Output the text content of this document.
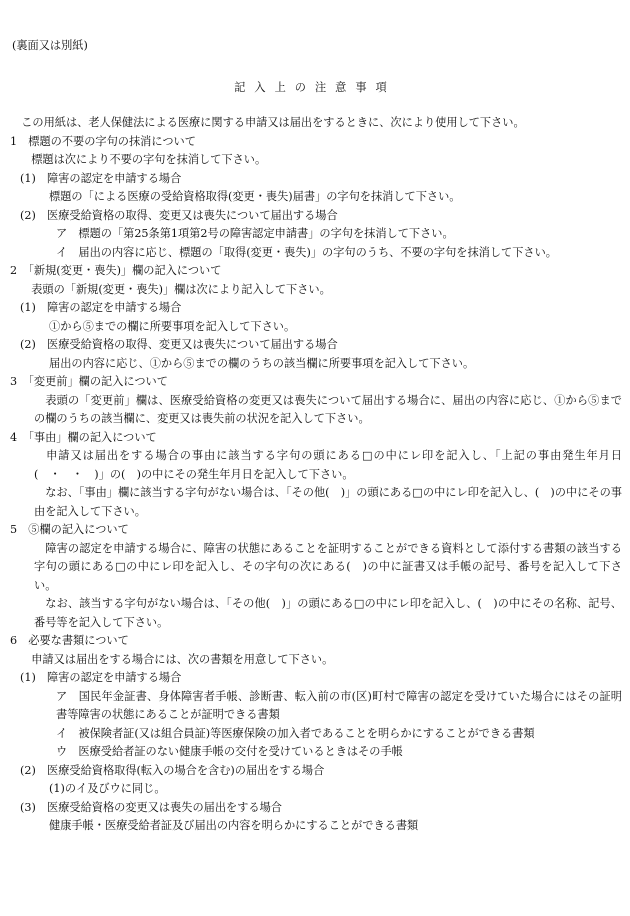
(裏面又は別紙)
記入上の注意事項

　この用紙は、老人保健法による医療に関する申請又は届出をするときに、次により使用して下さい。

1　標題の不要の字句の抹消について

　標題は次により不要の字句を抹消して下さい。

(1)　障害の認定を申請する場合

標題の「による医療の受給資格取得(変更・喪失)届書」の字句を抹消して下さい。

(2)　医療受給資格の取得、変更又は喪失について届出する場合

ア　標題の「第25条第1項第2号の障害認定申請書」の字句を抹消して下さい。

イ　届出の内容に応じ、標題の「取得(変更・喪失)」の字句のうち、不要の字句を抹消して下さい。

2　「新規(変更・喪失)」欄の記入について

　表頭の「新規(変更・喪失)」欄は次により記入して下さい。

(1)　障害の認定を申請する場合

①から⑤までの欄に所要事項を記入して下さい。

(2)　医療受給資格の取得、変更又は喪失について届出する場合

届出の内容に応じ、①から⑤までの欄のうちの該当欄に所要事項を記入して下さい。

3　「変更前」欄の記入について

　表頭の「変更前」欄は、医療受給資格の変更又は喪失について届出する場合に、届出の内容に応じ、①から⑤までの欄のうちの該当欄に、変更又は喪失前の状況を記入して下さい。

4　「事由」欄の記入について

　申請又は届出をする場合の事由に該当する字句の頭にある□の中にレ印を記入し、「上記の事由発生年月日(　・　・　)」の(　)の中にその発生年月日を記入して下さい。

　なお、「事由」欄に該当する字句がない場合は、「その他(　)」の頭にある□の中にレ印を記入し、(　)の中にその事由を記入して下さい。

5　⑤欄の記入について

　障害の認定を申請する場合に、障害の状態にあることを証明することができる資料として添付する書類の該当する字句の頭にある□の中にレ印を記入し、その字句の次にある(　)の中に証書又は手帳の記号、番号を記入して下さい。

　なお、該当する字句がない場合は、「その他(　)」の頭にある□の中にレ印を記入し、(　)の中にその名称、記号、番号等を記入して下さい。

6　必要な書類について

　申請又は届出をする場合には、次の書類を用意して下さい。

(1)　障害の認定を申請する場合

ア　国民年金証書、身体障害者手帳、診断書、転入前の市(区)町村で障害の認定を受けていた場合にはその証明書等障害の状態にあることが証明できる書類

イ　被保険者証(又は組合員証)等医療保険の加入者であることを明らかにすることができる書類

ウ　医療受給者証のない健康手帳の交付を受けているときはその手帳

(2)　医療受給資格取得(転入の場合を含む)の届出をする場合

(1)のイ及びウに同じ。

(3)　医療受給資格の変更又は喪失の届出をする場合

健康手帳・医療受給者証及び届出の内容を明らかにすることができる書類
